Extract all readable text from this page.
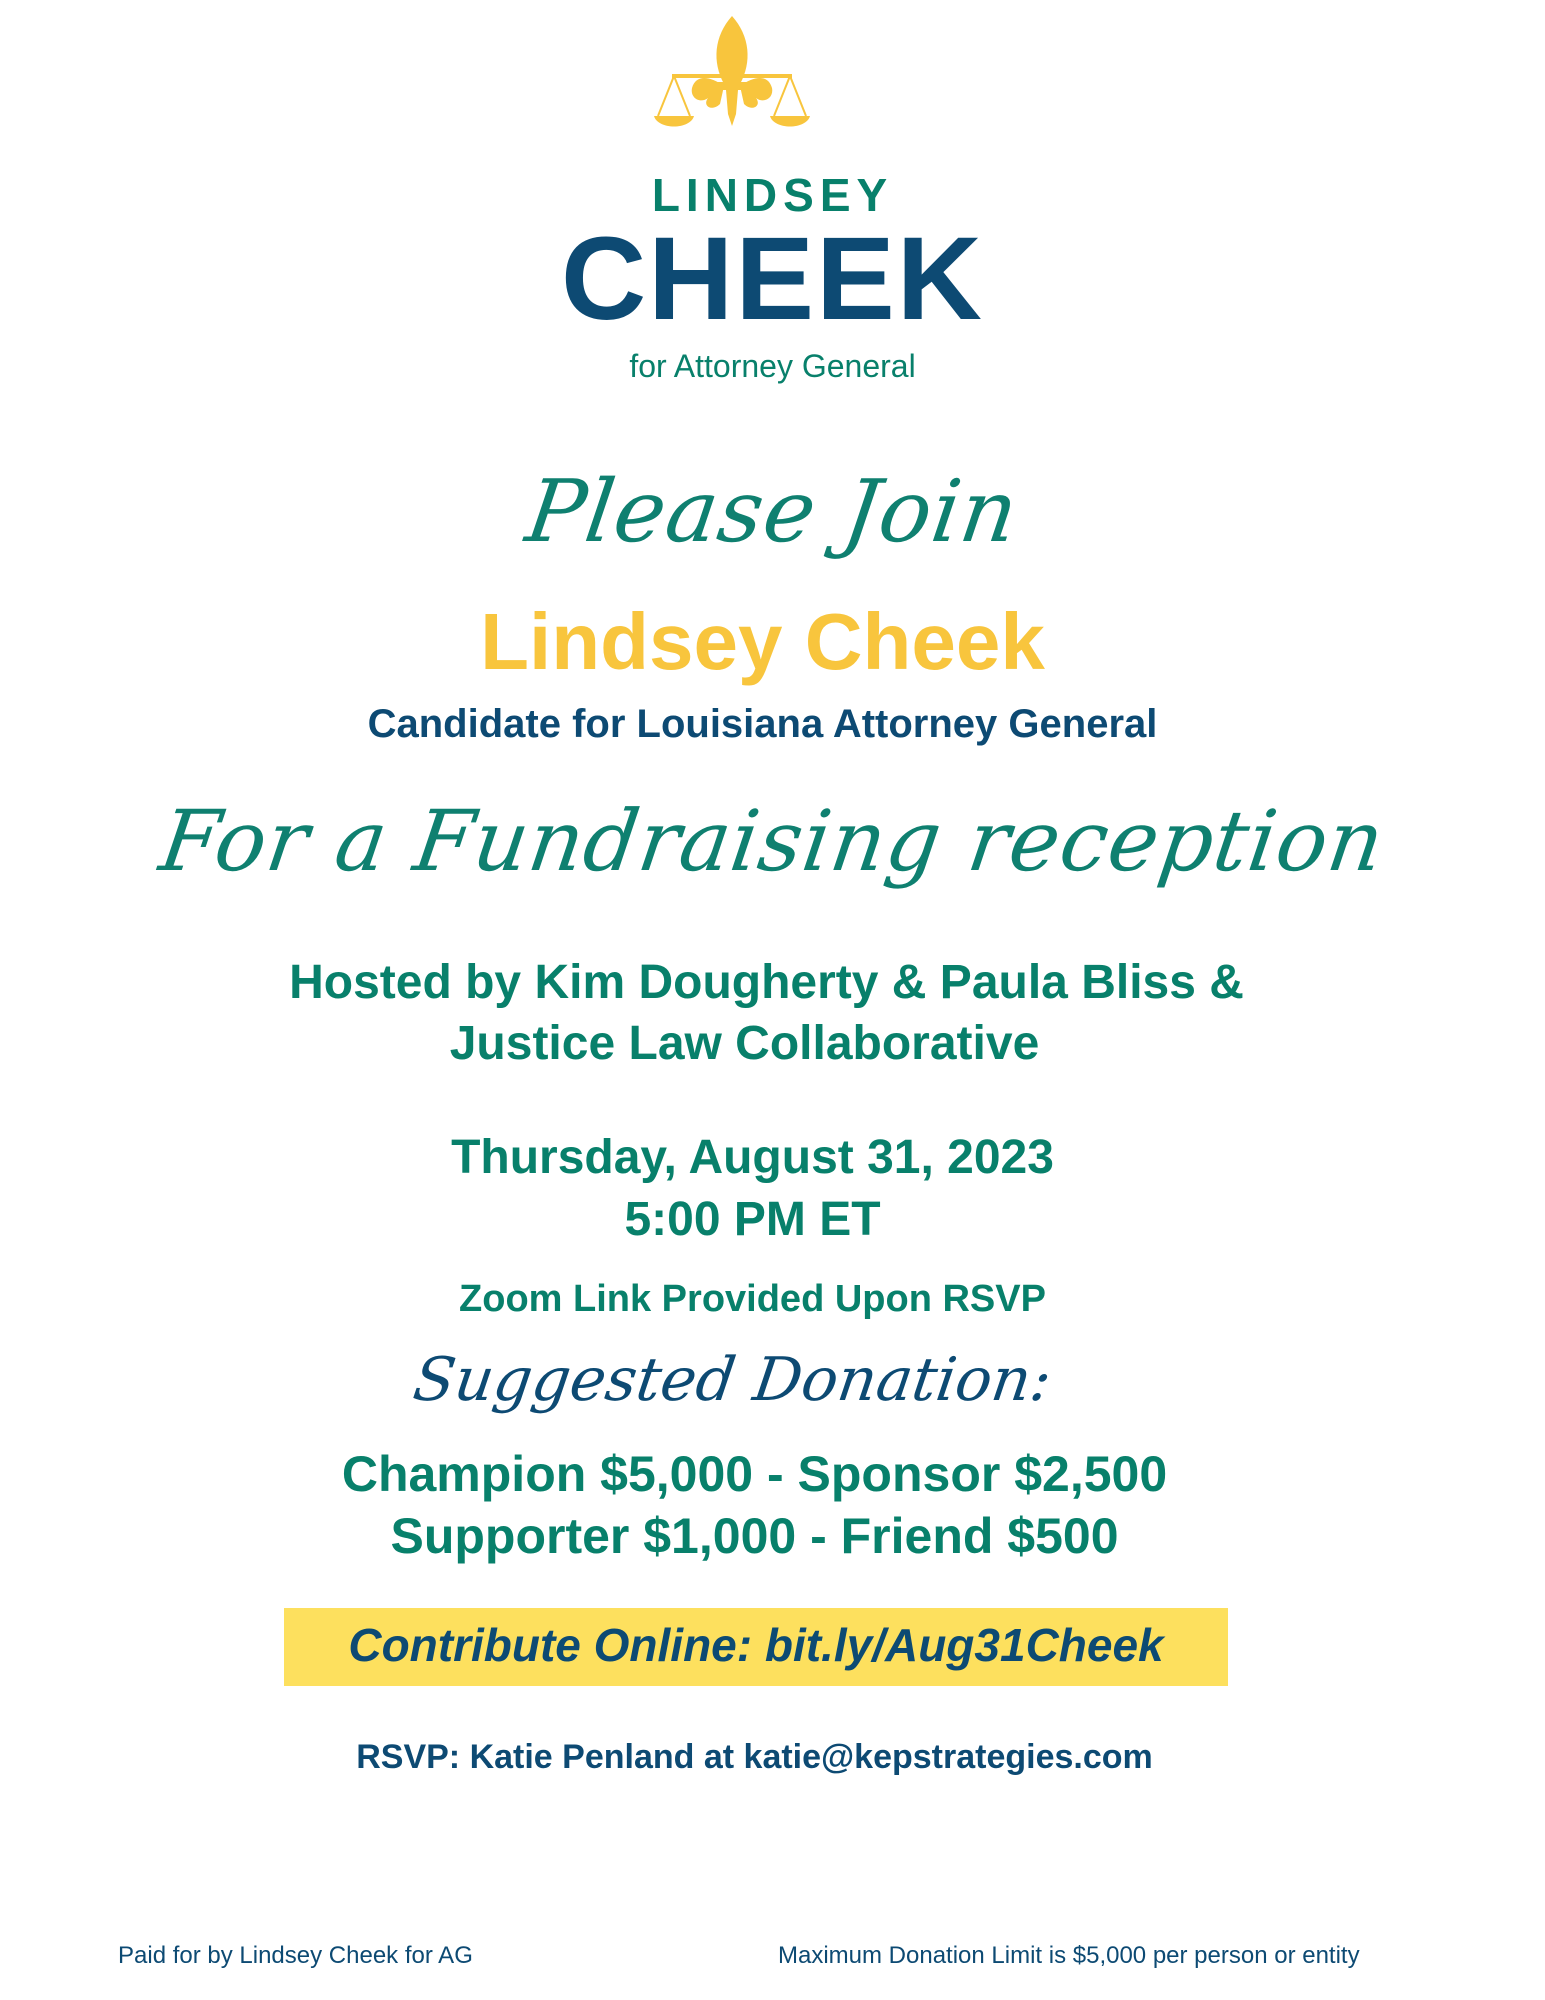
LINDSEY
CHEEK
for Attorney General
Please Join
Lindsey Cheek
Candidate for Louisiana Attorney General
For a Fundraising reception
Hosted by Kim Dougherty & Paula Bliss &
Justice Law Collaborative
Thursday, August 31, 2023
5:00 PM ET
Zoom Link Provided Upon RSVP
Suggested Donation:
Champion $5,000 - Sponsor $2,500
Supporter $1,000 - Friend $500
Contribute Online: bit.ly/Aug31Cheek
RSVP: Katie Penland at katie@kepstrategies.com
Paid for by Lindsey Cheek for AG	Maximum Donation Limit is $5,000 per person or entity
